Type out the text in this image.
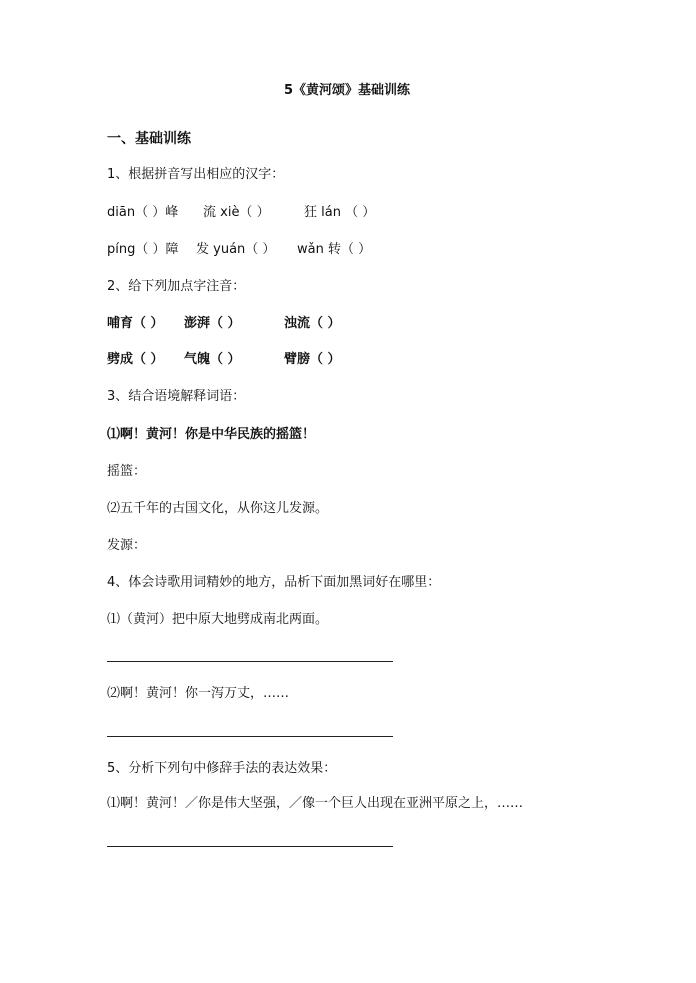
5《黄河颂》基础训练
一、基础训练
1、根据拼音写出相应的汉字：
diān（ ）峰 流 xiè（ ）	狂 lán （ ）
píng（ ）障 发 yuán（ ） wǎn 转（ ）
2、给下列加点字注音：
哺育（ ） 澎湃（ ）	浊流（ ）
劈成（ ） 气魄（ ）	臂膀（ ）
3、结合语境解释词语：
⑴啊！黄河！你是中华民族的摇篮！
摇篮：
⑵五千年的古国文化，从你这儿发源。
发源：
4、体会诗歌用词精妙的地方，品析下面加黑词好在哪里：
⑴（黄河）把中原大地劈成南北两面。
⑵啊！黄河！你一泻万丈，……
5、分析下列句中修辞手法的表达效果：
⑴啊！黄河！／你是伟大坚强，／像一个巨人出现在亚洲平原之上，……
